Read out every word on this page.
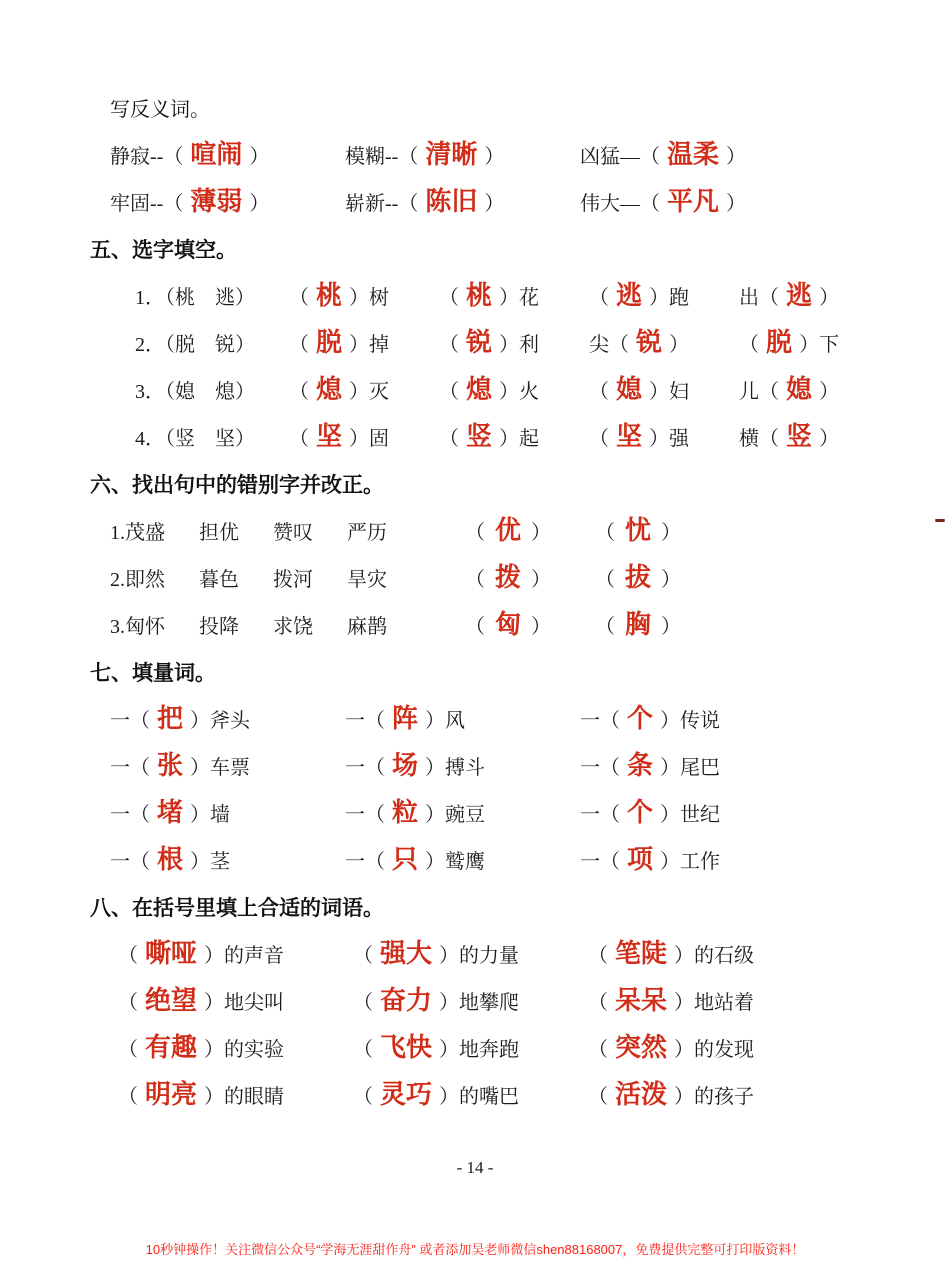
写反义词。
静寂-- （ 喧闹 ）	模糊-- （ 清晰 ）	凶猛— （ 温柔 ）
牢固-- （ 薄弱 ）	崭新-- （ 陈旧 ）	伟大— （ 平凡 ）
五、选字填空。
1．（桃　逃）	（ 桃 ） 树	（ 桃 ） 花	（ 逃 ） 跑	出 （ 逃 ）
2．（脱　锐）	（ 脱 ） 掉	（ 锐 ） 利	尖 （ 锐 ）	（ 脱 ） 下
3．（媳　熄）	（ 熄 ） 灭	（ 熄 ） 火	（ 媳 ） 妇	儿 （ 媳 ）
4．（竖　坚）	（ 坚 ） 固	（ 竖 ） 起	（ 坚 ） 强	横 （ 竖 ）
六、找出句中的错别字并改正。
1.茂盛 担优 赞叹 严历	（ 优 ） （ 忧 ）
2.即然 暮色 拨河 旱灾	（ 拨 ） （ 拔 ）
3.匈怀 投降 求饶 麻鹊	（ 匈 ） （ 胸 ）
七、填量词。
一 （ 把 ） 斧头	一 （ 阵 ） 风	一 （ 个 ） 传说
一 （ 张 ） 车票	一 （ 场 ） 搏斗	一 （ 条 ） 尾巴
一 （ 堵 ） 墙	一 （ 粒 ） 豌豆	一 （ 个 ） 世纪
一 （ 根 ） 茎	一 （ 只 ） 鹫鹰	一 （ 项 ） 工作
八、在括号里填上合适的词语。
（ 嘶哑 ） 的声音	（ 强大 ） 的力量	（ 笔陡 ） 的石级
（ 绝望 ） 地尖叫	（ 奋力 ） 地攀爬	（ 呆呆 ） 地站着
（ 有趣 ） 的实验	（ 飞快 ） 地奔跑	（ 突然 ） 的发现
（ 明亮 ） 的眼睛	（ 灵巧 ） 的嘴巴	（ 活泼 ） 的孩子
- 14 -
–
10秒钟操作！关注微信公众号“学海无涯甜作舟” 或者添加吴老师微信shen88168007，免费提供完整可打印版资料！
